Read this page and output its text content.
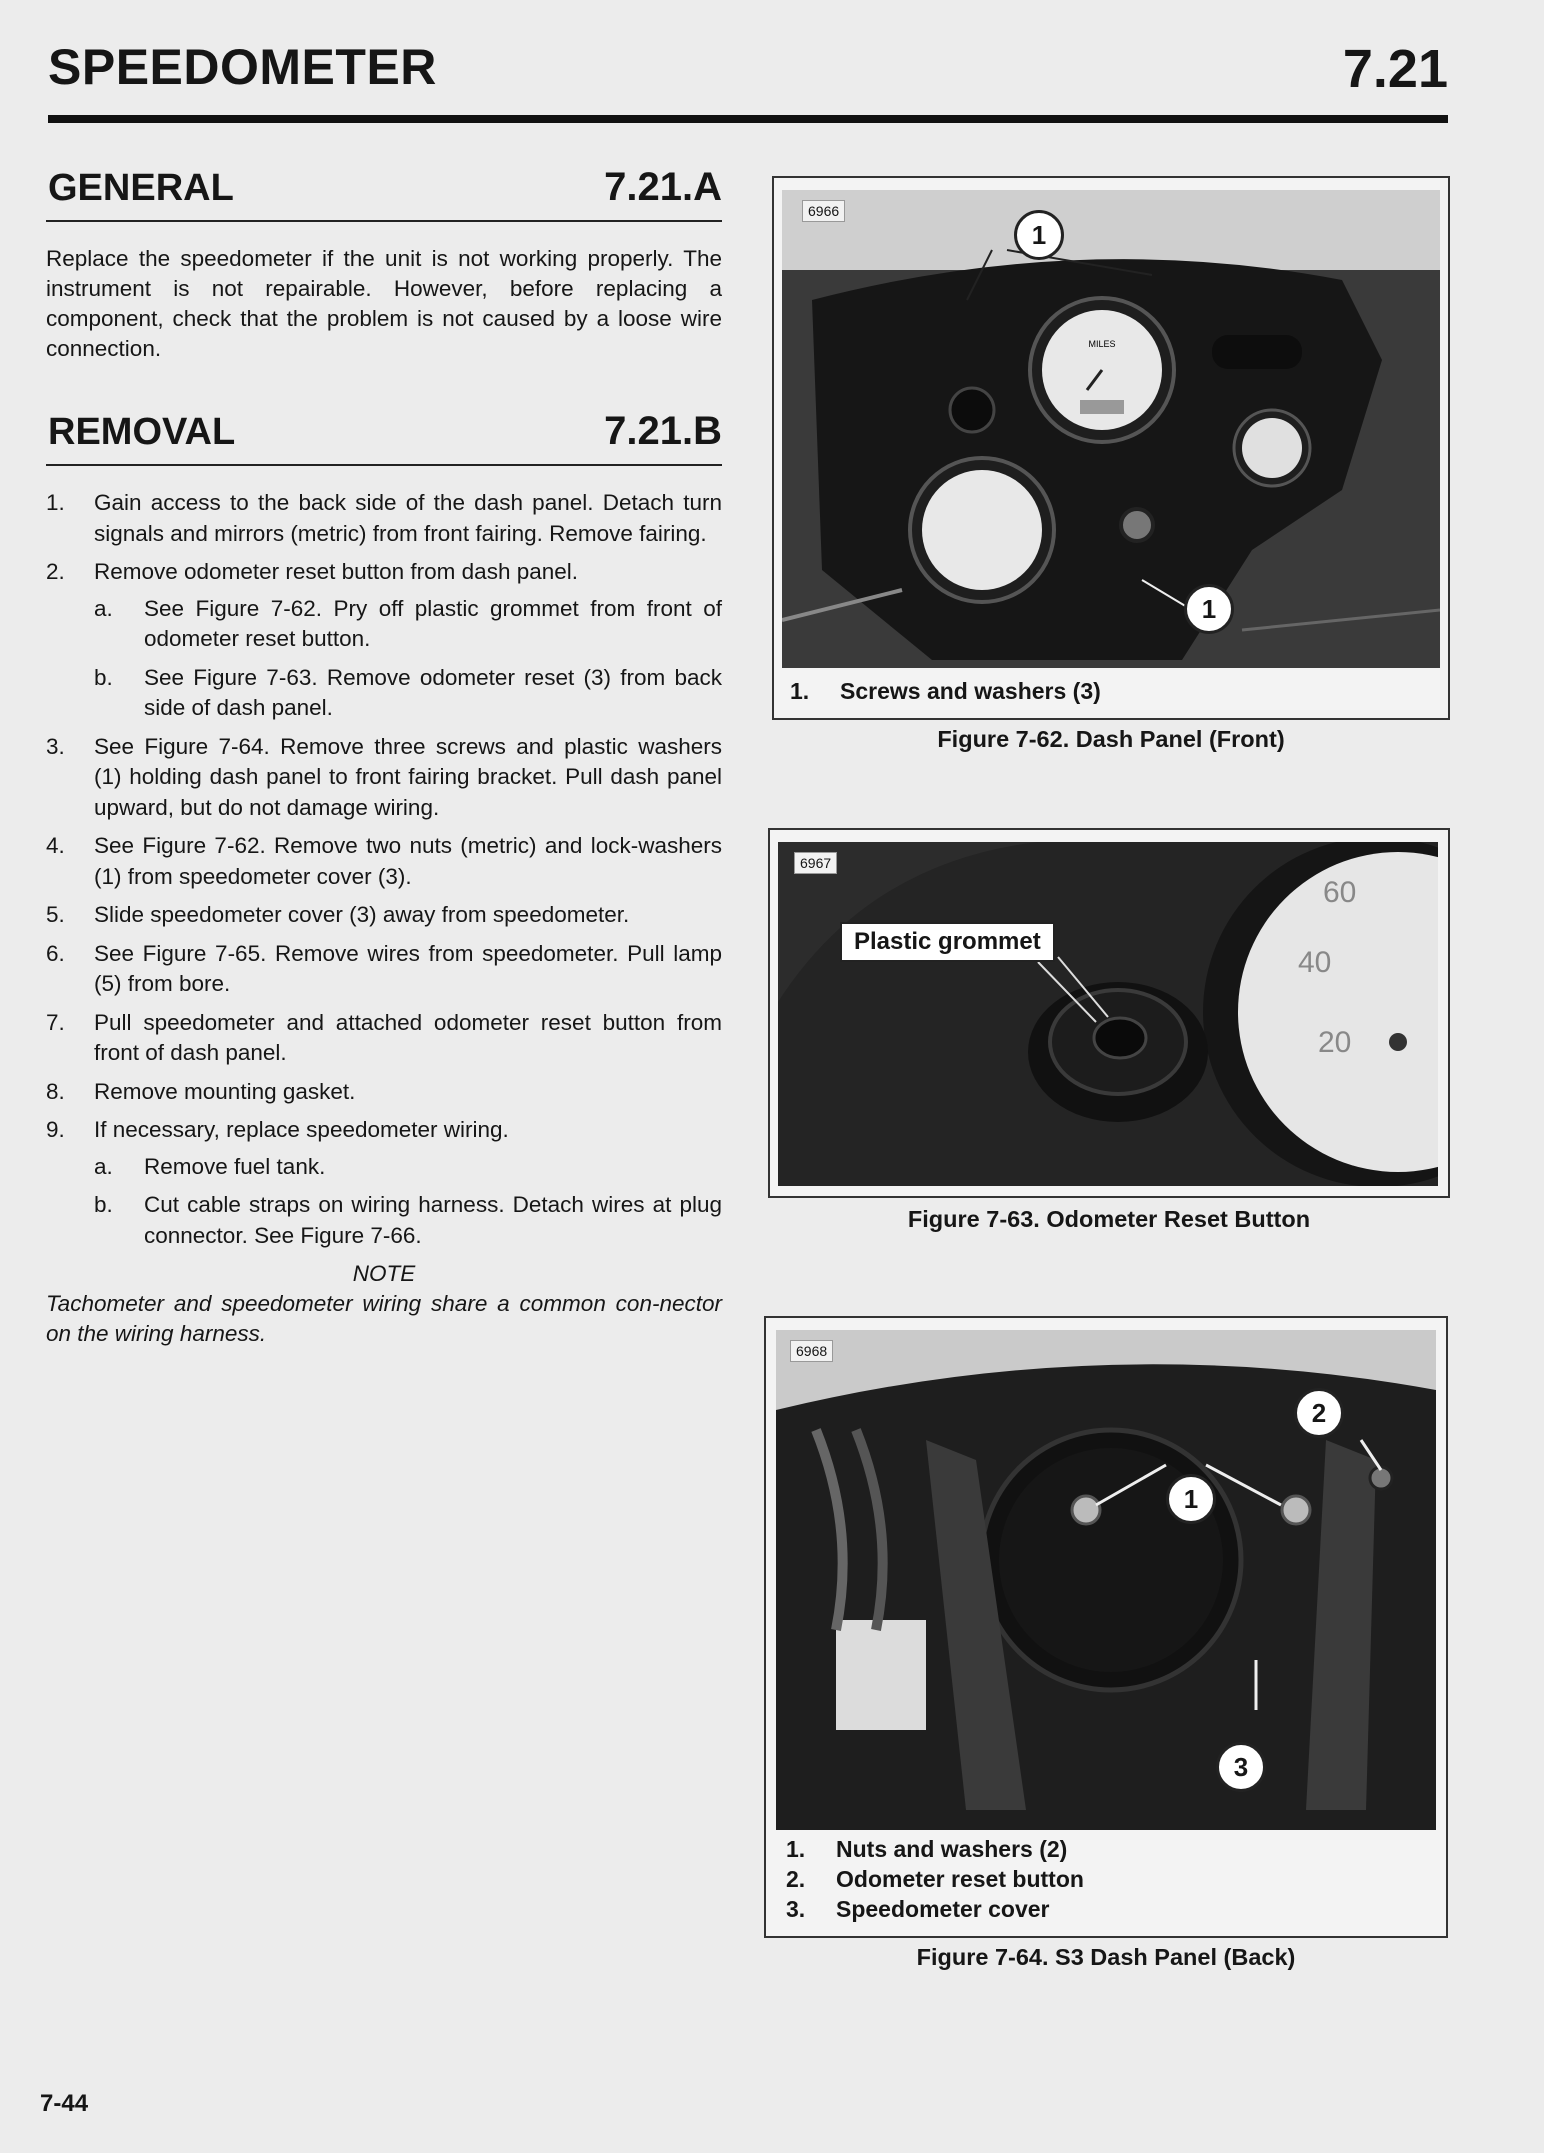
SPEEDOMETER	7.21
GENERAL	7.21.A

Replace the speedometer if the unit is not working properly. The instrument is not repairable. However, before replacing a component, check that the problem is not caused by a loose wire connection.

REMOVAL	7.21.B
1.	Gain access to the back side of the dash panel. Detach turn signals and mirrors (metric) from front fairing. Remove fairing.
2.	Remove odometer reset button from dash panel.
a. See Figure 7-62. Pry off plastic grommet from front of odometer reset button.
b. See Figure 7-63. Remove odometer reset (3) from back side of dash panel.
3.	See Figure 7-64. Remove three screws and plastic washers (1) holding dash panel to front fairing bracket. Pull dash panel upward, but do not damage wiring.
4.	See Figure 7-62. Remove two nuts (metric) and lock-washers (1) from speedometer cover (3).
5.	Slide speedometer cover (3) away from speedometer.
6.	See Figure 7-65. Remove wires from speedometer. Pull lamp (5) from bore.
7.	Pull speedometer and attached odometer reset button from front of dash panel.
8.	Remove mounting gasket.
9.	If necessary, replace speedometer wiring.
a. Remove fuel tank.
b. Cut cable straps on wiring harness. Detach wires at plug connector. See Figure 7-66.
NOTE
Tachometer and speedometer wiring share a common con-nector on the wiring harness.
MILES
1
1
6966
1. Screws and washers (3)
Figure 7-62. Dash Panel (Front)
60
40
20
6967
Plastic grommet
Figure 7-63. Odometer Reset Button
1
2
3
6968
1. Nuts and washers (2)
2. Odometer reset button
3. Speedometer cover
Figure 7-64. S3 Dash Panel (Back)
7-44
